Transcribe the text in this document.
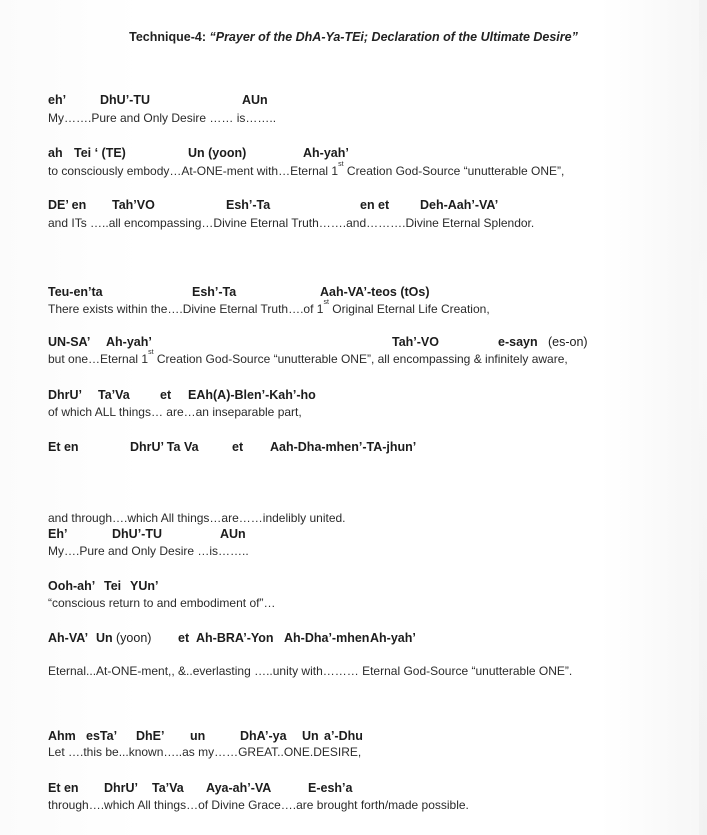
Technique-4: “Prayer of the DhA-Ya-TEi; Declaration of the Ultimate Desire”
eh’	DhU’-TU	AUn
My…….Pure and Only Desire …… is……..
ah Tei ‘ (TE)	Un (yoon)	Ah-yah’
to consciously embody…At-ONE-ment with…Eternal 1st Creation God-Source “unutterable ONE”,
DE’ en Tah’VO	Esh’-Ta	en et Deh-Aah’-VA’
and ITs …..all encompassing…Divine Eternal Truth…….and……….Divine Eternal Splendor.
Teu-en’ta	Esh’-Ta	Aah-VA’-teos (tOs)
There exists within the….Divine Eternal Truth….of 1st Original Eternal Life Creation,
UN-SA’ Ah-yah’	Tah’-VO	e-sayn (es-on)
but one…Eternal 1st Creation God-Source “unutterable ONE”, all encompassing & infinitely aware,
DhrU’ Ta’Va et EAh(A)-Blen’-Kah’-ho
of which ALL things… are…an inseparable part,
Et en	DhrU’ Ta Va	et Aah-Dha-mhen’-TA-jhun’
and through….which All things…are……indelibly united.
Eh’	DhU’-TU	AUn
My….Pure and Only Desire …is……..
Ooh-ah’ Tei YUn’
“conscious return to and embodiment of”…
Ah-VA’ Un (yoon) et Ah-BRA’-Yon Ah-Dha’-mhen Ah-yah’
Eternal...At-ONE-ment,, &..everlasting …..unity with……… Eternal God-Source “unutterable ONE”.
Ahm esTa’ DhE’ un	DhA’-ya Un a’-Dhu
Let ….this be...known…..as my……GREAT..ONE.DESIRE,
Et en DhrU’ Ta’Va Aya-ah’-VA	E-esh’a
through….which All things…of Divine Grace….are brought forth/made possible.
